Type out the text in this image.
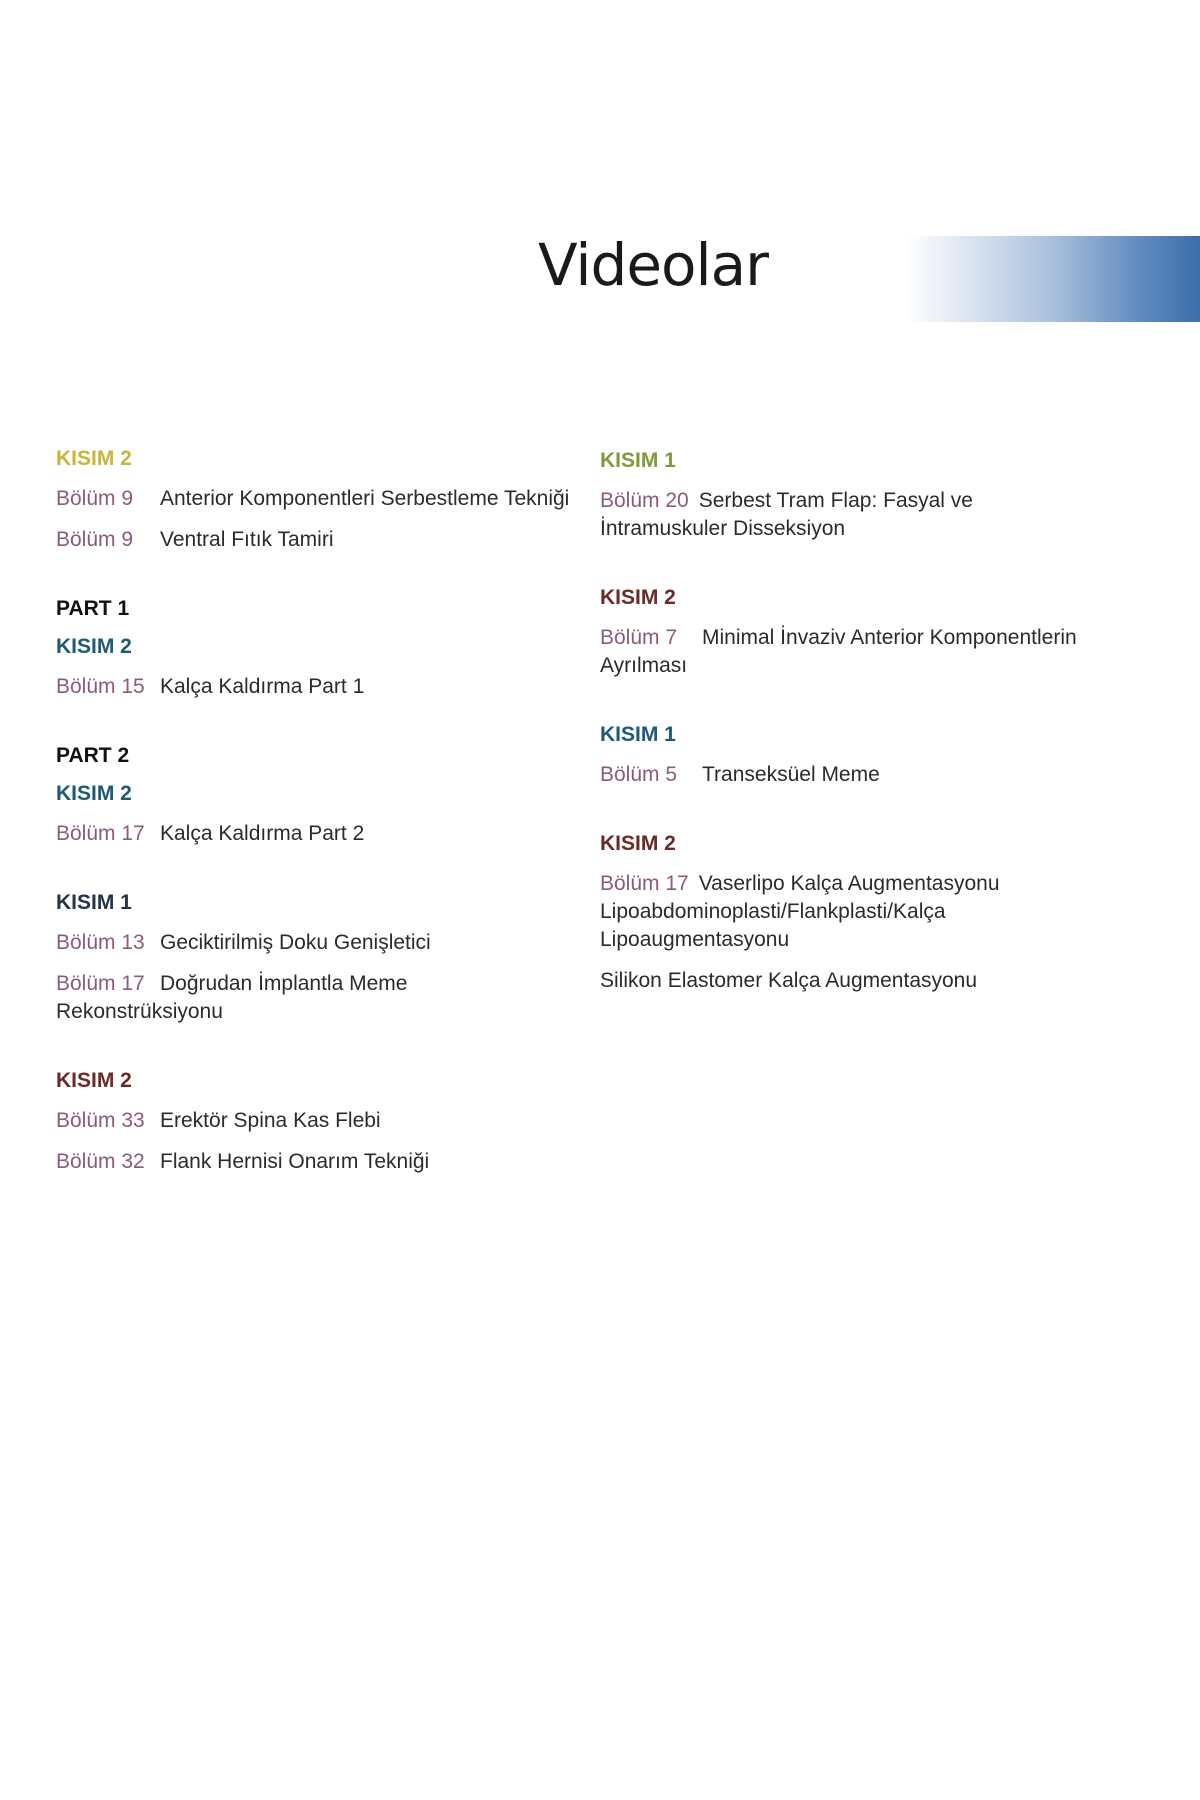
Videolar
KISIM 2
Bölüm 9 Anterior Komponentleri Serbestleme Tekniği
Bölüm 9 Ventral Fıtık Tamiri
PART 1
KISIM 2
Bölüm 15 Kalça Kaldırma Part 1
PART 2
KISIM 2
Bölüm 17 Kalça Kaldırma Part 2
KISIM 1
Bölüm 13 Geciktirilmiş Doku Genişletici
Bölüm 17 Doğrudan İmplantla Meme Rekonstrüksiyonu
KISIM 2
Bölüm 33 Erektör Spina Kas Flebi
Bölüm 32 Flank Hernisi Onarım Tekniği
KISIM 1
Bölüm 20 Serbest Tram Flap: Fasyal ve İntramuskuler Disseksiyon
KISIM 2
Bölüm 7 Minimal İnvaziv Anterior Komponentlerin Ayrılması
KISIM 1
Bölüm 5 Transeksüel Meme
KISIM 2
Bölüm 17 Vaserlipo Kalça Augmentasyonu Lipoabdominoplasti/Flankplasti/Kalça Lipoaugmentasyonu
Silikon Elastomer Kalça Augmentasyonu
